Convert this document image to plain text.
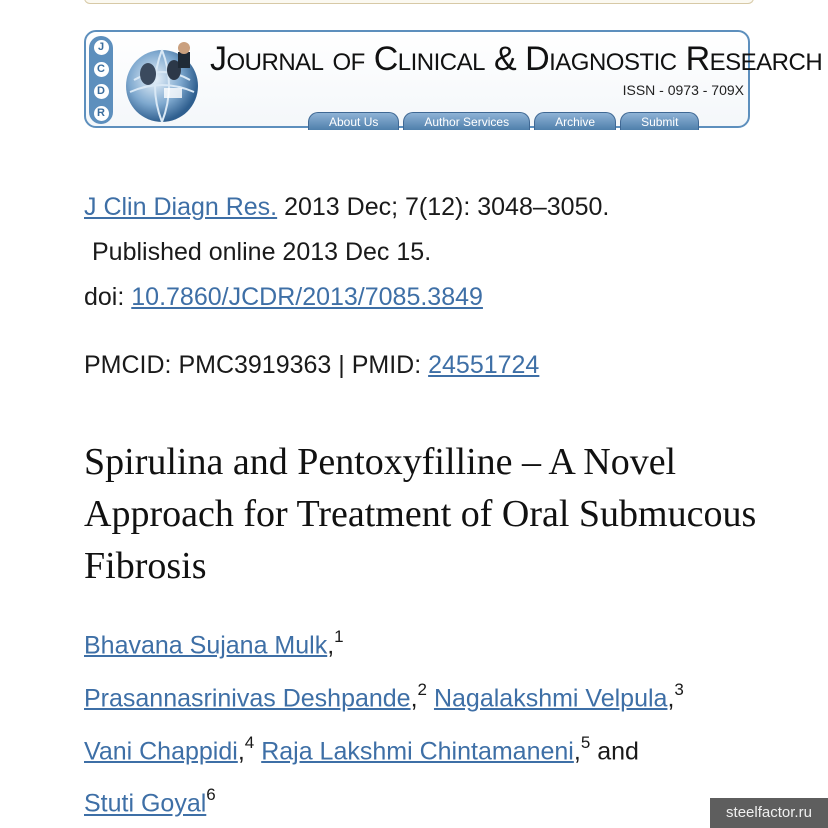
J
C
D
R
Journal of Clinical & Diagnostic Research
ISSN - 0973 - 709X
About Us	Author Services	Archive	Submit
J Clin Diagn Res. 2013 Dec; 7(12): 3048–3050.
Published online 2013 Dec 15.
doi: 10.7860/JCDR/2013/7085.3849
PMCID: PMC3919363 | PMID: 24551724
Spirulina and Pentoxyfilline – A Novel Approach for Treatment of Oral Submucous Fibrosis
Bhavana Sujana Mulk,$^1$
Prasannasrinivas Deshpande,$^2$ Nagalakshmi Velpula,$^3$
Vani Chappidi,$^4$ Raja Lakshmi Chintamaneni,$^5$ and
Stuti Goyal$^6$
steelfactor.ru
